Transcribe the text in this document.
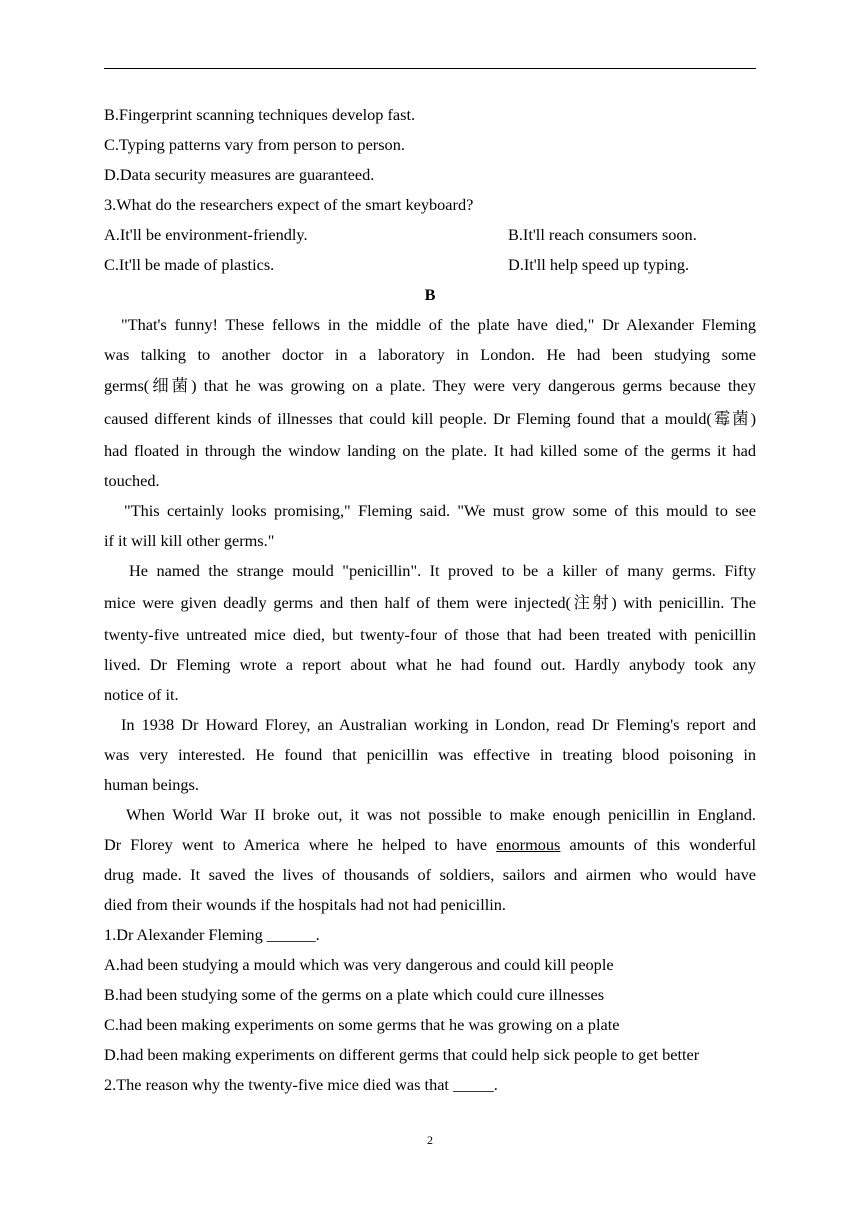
B.Fingerprint scanning techniques develop fast.
C.Typing patterns vary from person to person.
D.Data security measures are guaranteed.
3.What do the researchers expect of the smart keyboard?
A.It'll be environment-friendly.	B.It'll reach consumers soon.
C.It'll be made of plastics.	D.It'll help speed up typing.
B
"That's funny! These fellows in the middle of the plate have died," Dr Alexander Fleming
was talking to another doctor in a laboratory in London. He had been studying some
germs(细菌) that he was growing on a plate. They were very dangerous germs because they
caused different kinds of illnesses that could kill people. Dr Fleming found that a mould(霉菌)
had floated in through the window landing on the plate. It had killed some of the germs it had
touched.
"This certainly looks promising," Fleming said. "We must grow some of this mould to see
if it will kill other germs."
He named the strange mould "penicillin". It proved to be a killer of many germs. Fifty
mice were given deadly germs and then half of them were injected(注射) with penicillin. The
twenty-five untreated mice died, but twenty-four of those that had been treated with penicillin
lived. Dr Fleming wrote a report about what he had found out. Hardly anybody took any
notice of it.
In 1938 Dr Howard Florey, an Australian working in London, read Dr Fleming's report and
was very interested. He found that penicillin was effective in treating blood poisoning in
human beings.
When World War II broke out, it was not possible to make enough penicillin in England.
Dr Florey went to America where he helped to have enormous amounts of this wonderful
drug made. It saved the lives of thousands of soldiers, sailors and airmen who would have
died from their wounds if the hospitals had not had penicillin.
1.Dr Alexander Fleming ______.
A.had been studying a mould which was very dangerous and could kill people
B.had been studying some of the germs on a plate which could cure illnesses
C.had been making experiments on some germs that he was growing on a plate
D.had been making experiments on different germs that could help sick people to get better
2.The reason why the twenty-five mice died was that _____.
2
